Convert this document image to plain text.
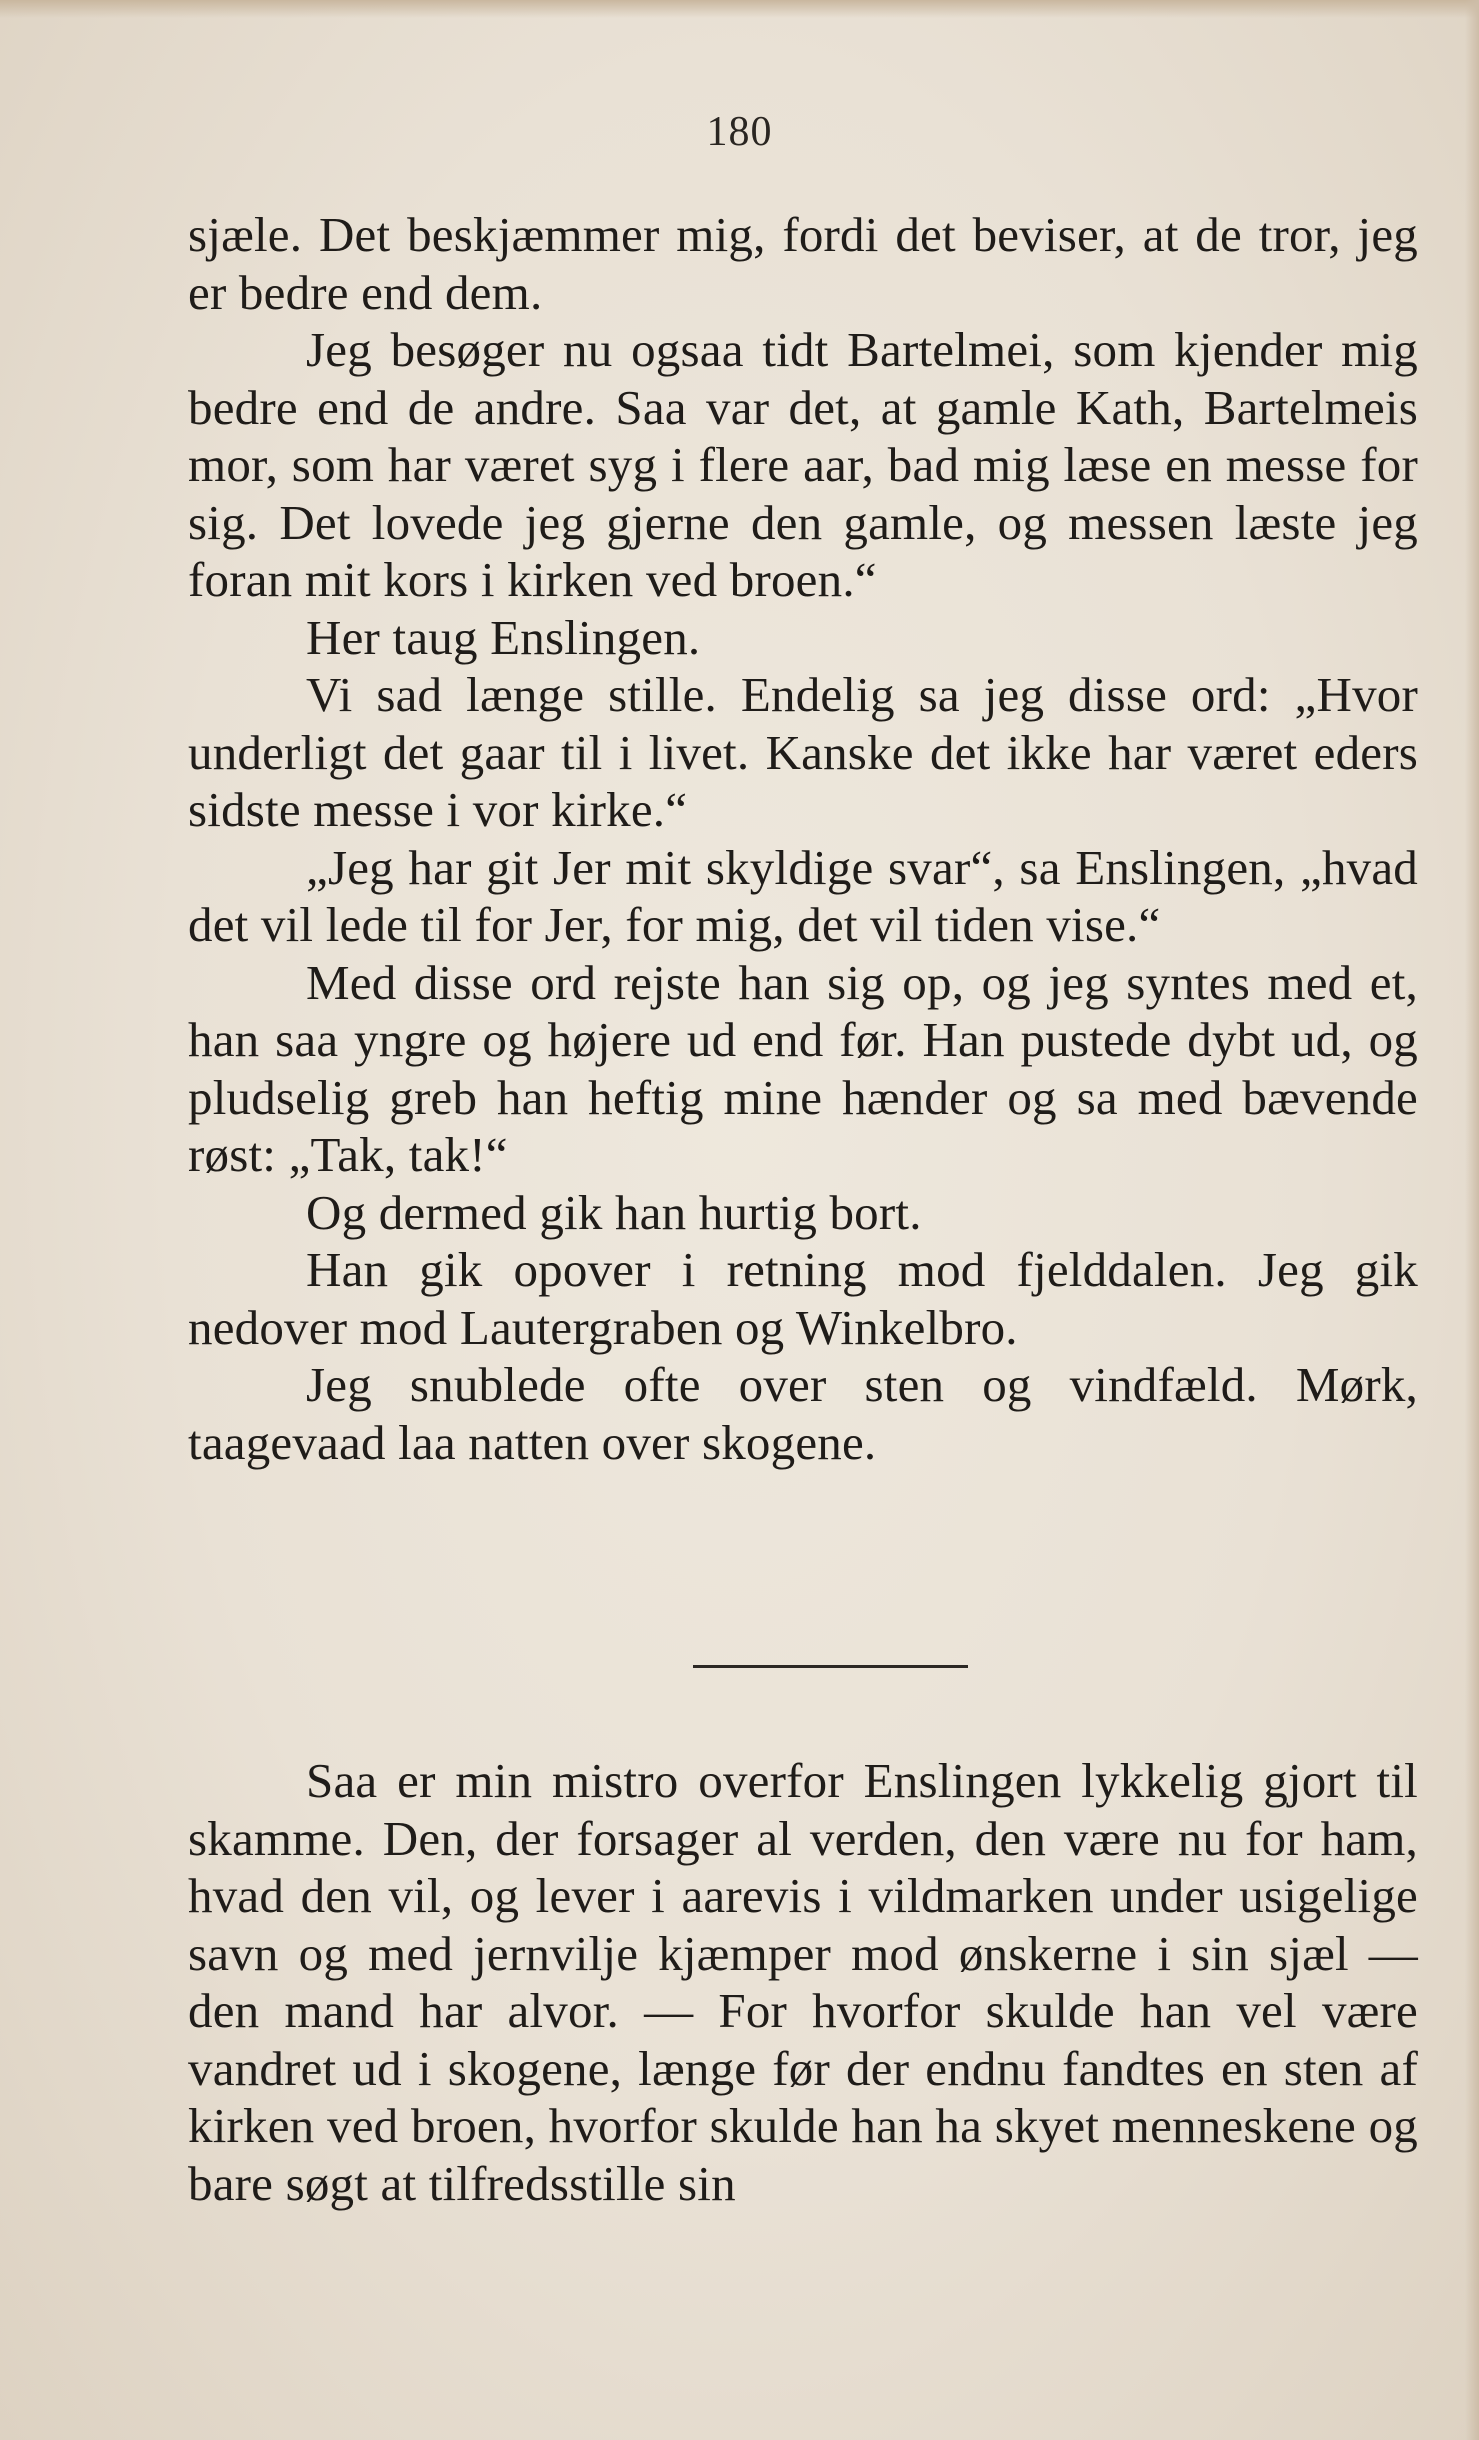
180

sjæle. Det beskjæmmer mig, fordi det beviser, at de tror, jeg er bedre end dem.

Jeg besøger nu ogsaa tidt Bartelmei, som kjender mig bedre end de andre. Saa var det, at gamle Kath, Bartelmeis mor, som har været syg i flere aar, bad mig læse en messe for sig. Det lovede jeg gjerne den gamle, og messen læste jeg foran mit kors i kirken ved broen.“

Her taug Enslingen.

Vi sad længe stille. Endelig sa jeg disse ord: „Hvor underligt det gaar til i livet. Kanske det ikke har været eders sidste messe i vor kirke.“

„Jeg har git Jer mit skyldige svar“, sa Enslingen, „hvad det vil lede til for Jer, for mig, det vil tiden vise.“

Med disse ord rejste han sig op, og jeg syntes med et, han saa yngre og højere ud end før. Han pustede dybt ud, og pludselig greb han heftig mine hænder og sa med bævende røst: „Tak, tak!“

Og dermed gik han hurtig bort.

Han gik opover i retning mod fjelddalen. Jeg gik nedover mod Lautergraben og Winkelbro.

Jeg snublede ofte over sten og vindfæld. Mørk, taagevaad laa natten over skogene.

Saa er min mistro overfor Enslingen lykkelig gjort til skamme. Den, der forsager al verden, den være nu for ham, hvad den vil, og lever i aarevis i vildmarken under usigelige savn og med jernvilje kjæmper mod ønskerne i sin sjæl — den mand har alvor. — For hvorfor skulde han vel være vandret ud i skogene, længe før der endnu fandtes en sten af kirken ved broen, hvorfor skulde han ha skyet menneskene og bare søgt at tilfredsstille sin
